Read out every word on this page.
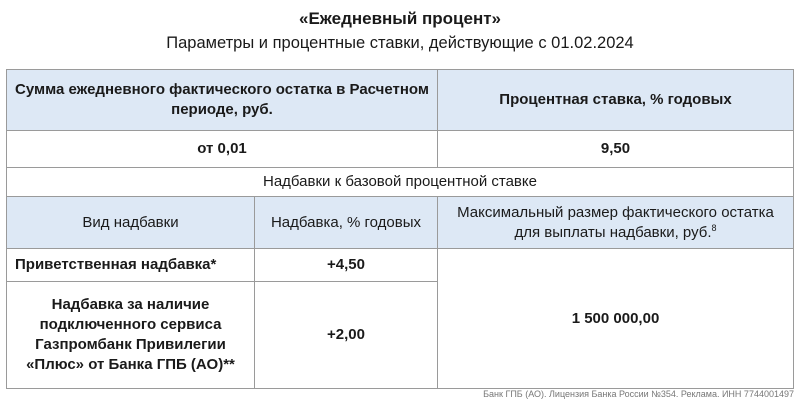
«Ежедневный процент»
Параметры и процентные ставки, действующие с 01.02.2024
Сумма ежедневного фактического остатка в Расчетном периоде, руб.		Процентная ставка, % годовых
от 0,01		9,50
Надбавки к базовой процентной ставке		
Вид надбавки	Надбавка, % годовых	Максимальный размер фактического остатка для выплаты надбавки, руб.$^8$
Приветственная надбавка*	+4,50	1 500 000,00
Надбавка за наличие подключенного сервиса Газпромбанк Привилегии «Плюс» от Банка ГПБ (АО)**	+2,00	
Банк ГПБ (АО). Лицензия Банка России №354. Реклама. ИНН 7744001497
